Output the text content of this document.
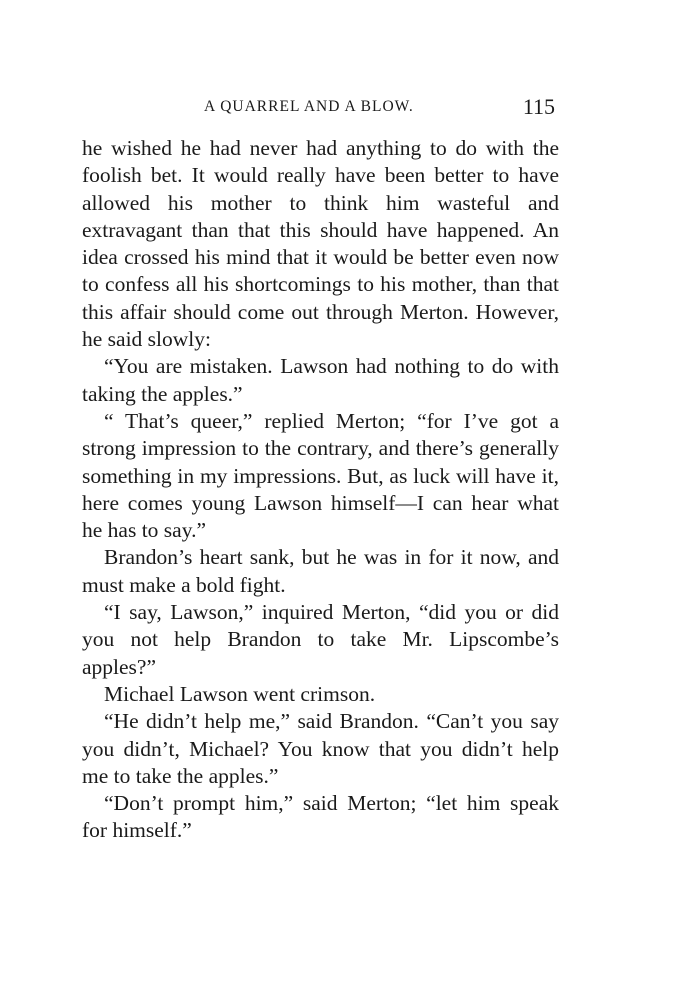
A QUARREL AND A BLOW.	115

he wished he had never had anything to do with the foolish bet. It would really have been better to have allowed his mother to think him wasteful and extravagant than that this should have happened. An idea crossed his mind that it would be better even now to confess all his shortcomings to his mother, than that this affair should come out through Merton. However, he said slowly:

“You are mistaken. Lawson had nothing to do with taking the apples.”

“ That’s queer,” replied Merton; “for I’ve got a strong impression to the contrary, and there’s generally something in my impressions. But, as luck will have it, here comes young Lawson himself—I can hear what he has to say.”

Brandon’s heart sank, but he was in for it now, and must make a bold fight.

“I say, Lawson,” inquired Merton, “did you or did you not help Brandon to take Mr. Lipscombe’s apples?”

Michael Lawson went crimson.

“He didn’t help me,” said Brandon. “Can’t you say you didn’t, Michael? You know that you didn’t help me to take the apples.”

“Don’t prompt him,” said Merton; “let him speak for himself.”
